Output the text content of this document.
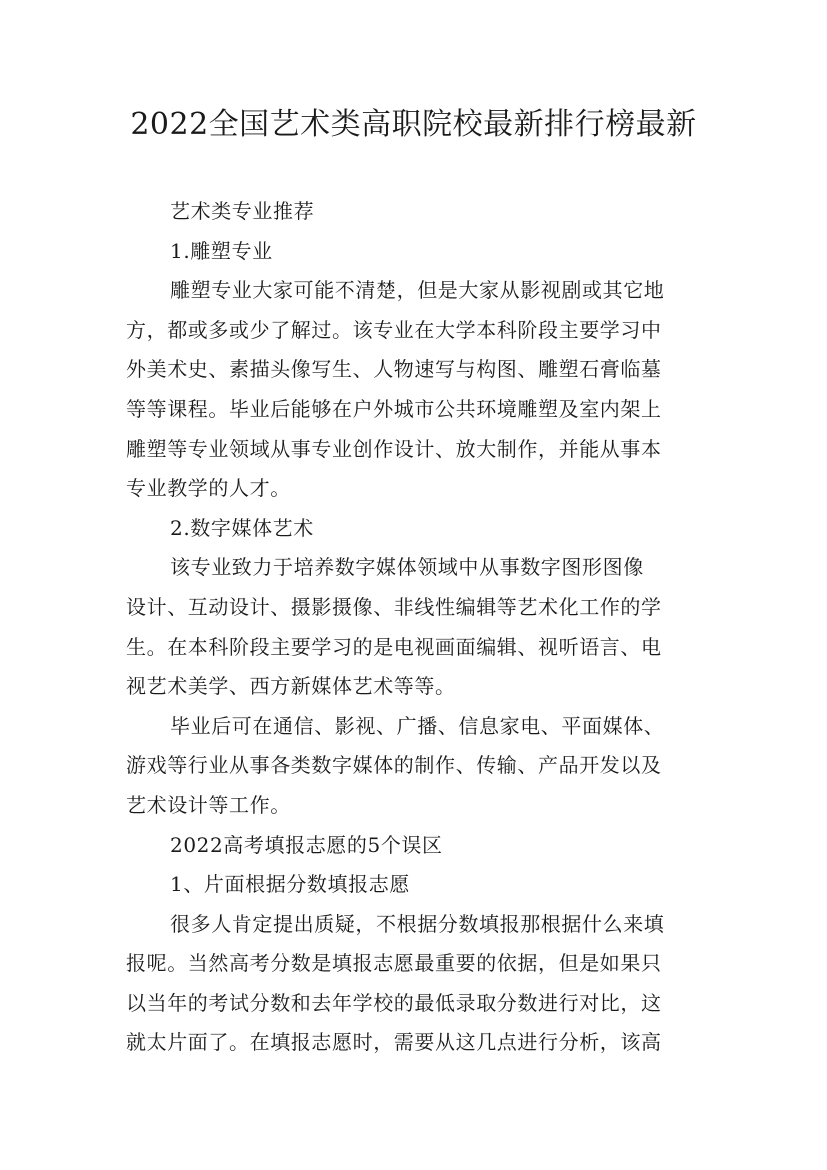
2022全国艺术类高职院校最新排行榜最新
艺术类专业推荐
1.雕塑专业
雕塑专业大家可能不清楚，但是大家从影视剧或其它地
方，都或多或少了解过。该专业在大学本科阶段主要学习中
外美术史、素描头像写生、人物速写与构图、雕塑石膏临墓
等等课程。毕业后能够在户外城市公共环境雕塑及室内架上
雕塑等专业领域从事专业创作设计、放大制作，并能从事本
专业教学的人才。
2.数字媒体艺术
该专业致力于培养数字媒体领域中从事数字图形图像
设计、互动设计、摄影摄像、非线性编辑等艺术化工作的学
生。在本科阶段主要学习的是电视画面编辑、视听语言、电
视艺术美学、西方新媒体艺术等等。
毕业后可在通信、影视、广播、信息家电、平面媒体、
游戏等行业从事各类数字媒体的制作、传输、产品开发以及
艺术设计等工作。
2022高考填报志愿的5个误区
1、片面根据分数填报志愿
很多人肯定提出质疑，不根据分数填报那根据什么来填
报呢。当然高考分数是填报志愿最重要的依据，但是如果只
以当年的考试分数和去年学校的最低录取分数进行对比，这
就太片面了。在填报志愿时，需要从这几点进行分析，该高
